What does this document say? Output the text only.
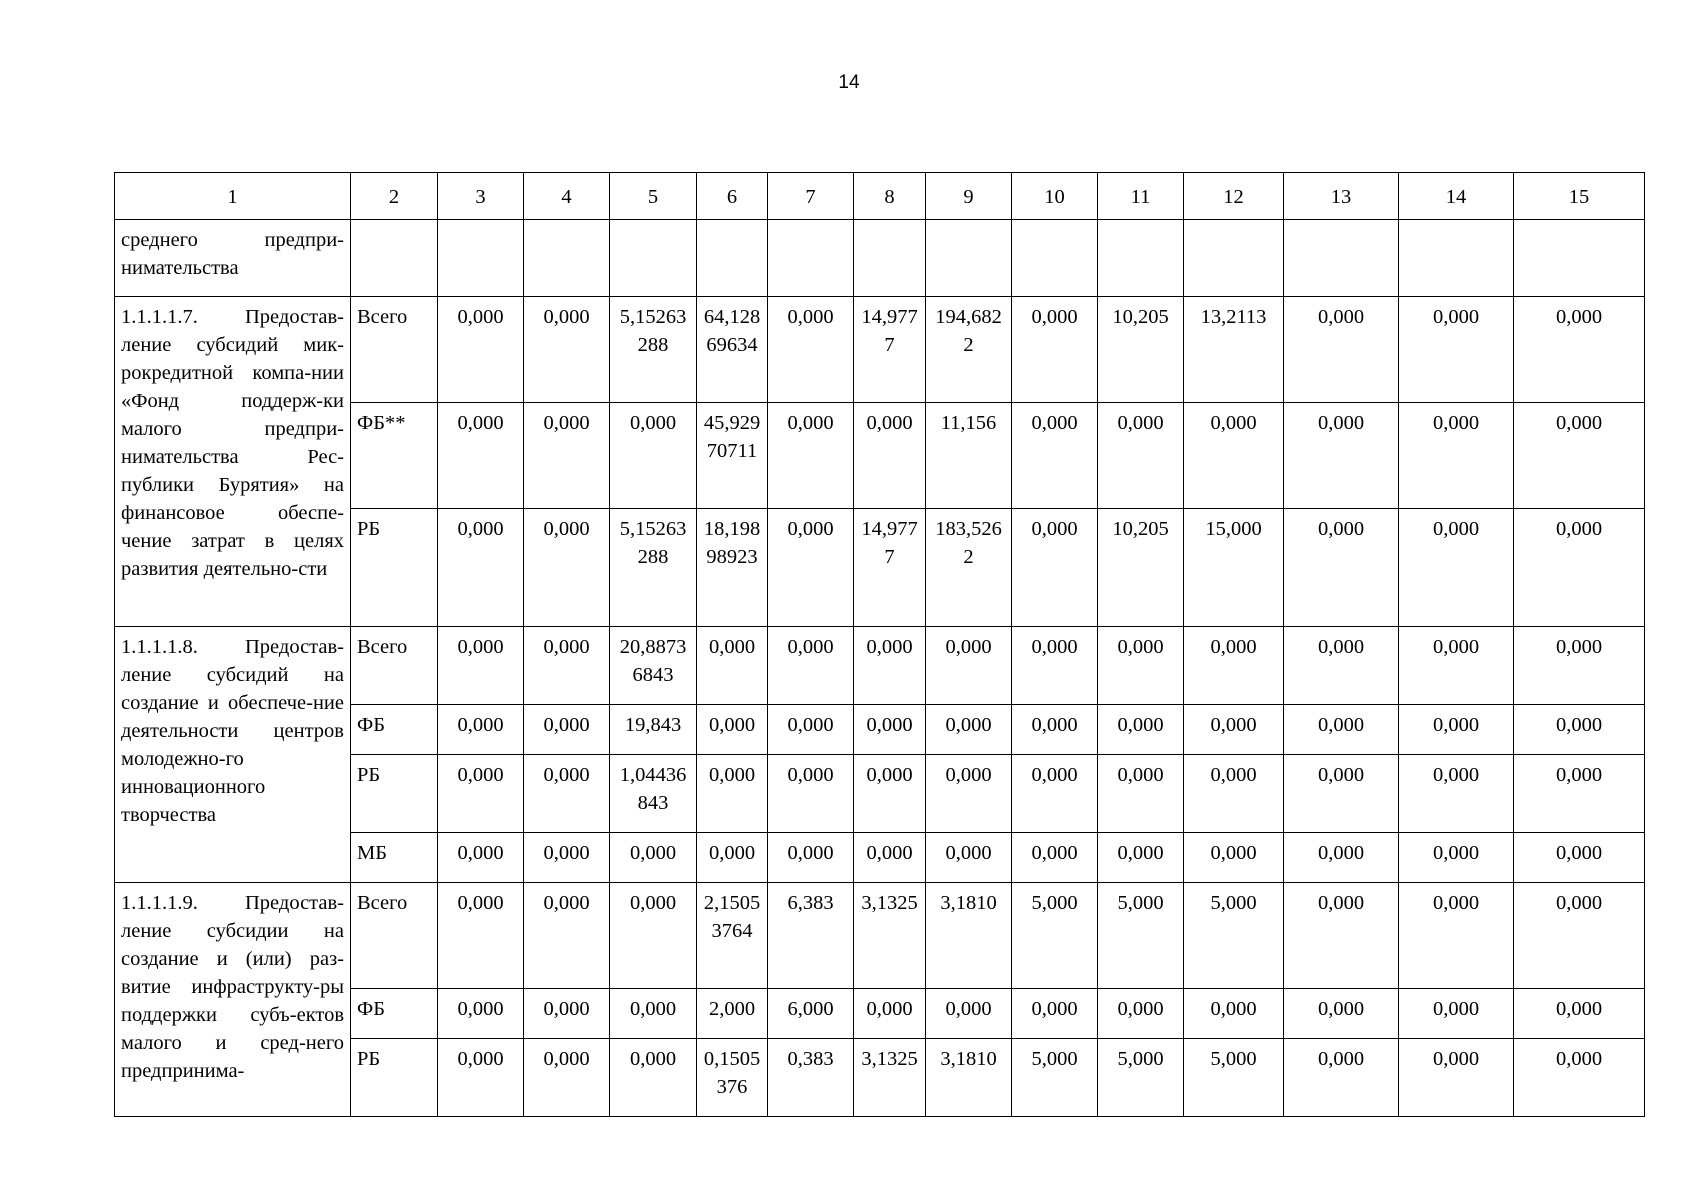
14
1	2	3	4	5	6	7	8	9	10	11	12	13	14	15
среднего предпри-нимательства														
1.1.1.1.7. Предостав-ление субсидий мик-рокредитной компа-нии «Фонд поддерж-ки малого предпри-нимательства Рес-публики Бурятия» на финансовое обеспе-чение затрат в целях развития деятельно-сти	Всего	0,000	0,000	5,15263288	64,12869634	0,000	14,9777	194,6822	0,000	10,205	13,2113	0,000	0,000	0,000
	ФБ**	0,000	0,000	0,000	45,92970711	0,000	0,000	11,156	0,000	0,000	0,000	0,000	0,000	0,000
	РБ	0,000	0,000	5,15263288	18,19898923	0,000	14,9777	183,5262	0,000	10,205	15,000	0,000	0,000	0,000
1.1.1.1.8. Предостав-ление субсидий на создание и обеспече-ние деятельности центров молодежно-го инновационного творчества	Всего	0,000	0,000	20,88736843	0,000	0,000	0,000	0,000	0,000	0,000	0,000	0,000	0,000	0,000
	ФБ	0,000	0,000	19,843	0,000	0,000	0,000	0,000	0,000	0,000	0,000	0,000	0,000	0,000
	РБ	0,000	0,000	1,04436843	0,000	0,000	0,000	0,000	0,000	0,000	0,000	0,000	0,000	0,000
	МБ	0,000	0,000	0,000	0,000	0,000	0,000	0,000	0,000	0,000	0,000	0,000	0,000	0,000
1.1.1.1.9. Предостав-ление субсидии на создание и (или) раз-витие инфраструкту-ры поддержки субъ-ектов малого и сред-него предпринима-	Всего	0,000	0,000	0,000	2,15053764	6,383	3,1325	3,1810	5,000	5,000	5,000	0,000	0,000	0,000
	ФБ	0,000	0,000	0,000	2,000	6,000	0,000	0,000	0,000	0,000	0,000	0,000	0,000	0,000
	РБ	0,000	0,000	0,000	0,1505376	0,383	3,1325	3,1810	5,000	5,000	5,000	0,000	0,000	0,000
